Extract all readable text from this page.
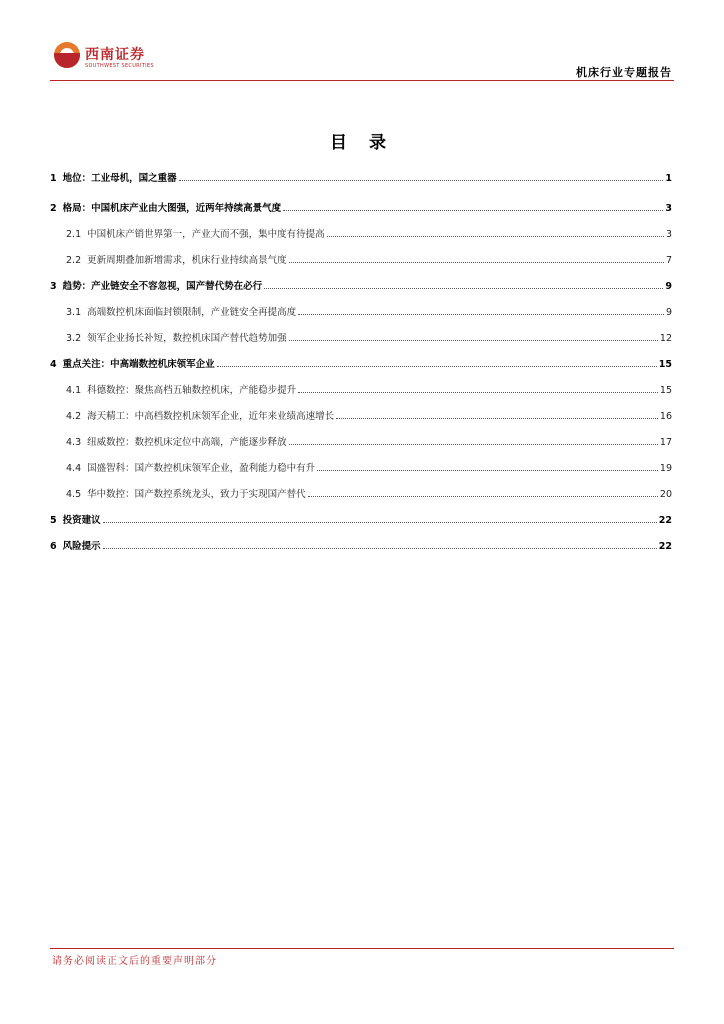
西南证券
SOUTHWEST SECURITIES	机床行业专题报告
目 录
1 地位：工业母机，国之重器	1
2 格局：中国机床产业由大图强，近两年持续高景气度	3
2.1 中国机床产销世界第一，产业大而不强，集中度有待提高	3
2.2 更新周期叠加新增需求，机床行业持续高景气度	7
3 趋势：产业链安全不容忽视，国产替代势在必行	9
3.1 高端数控机床面临封锁限制，产业链安全再提高度	9
3.2 领军企业扬长补短，数控机床国产替代趋势加强	12
4 重点关注：中高端数控机床领军企业	15
4.1 科德数控：聚焦高档五轴数控机床，产能稳步提升	15
4.2 海天精工：中高档数控机床领军企业，近年来业绩高速增长	16
4.3 纽威数控：数控机床定位中高端，产能逐步释放	17
4.4 国盛智科：国产数控机床领军企业，盈利能力稳中有升	19
4.5 华中数控：国产数控系统龙头，致力于实现国产替代	20
5 投资建议	22
6 风险提示	22
请务必阅读正文后的重要声明部分
